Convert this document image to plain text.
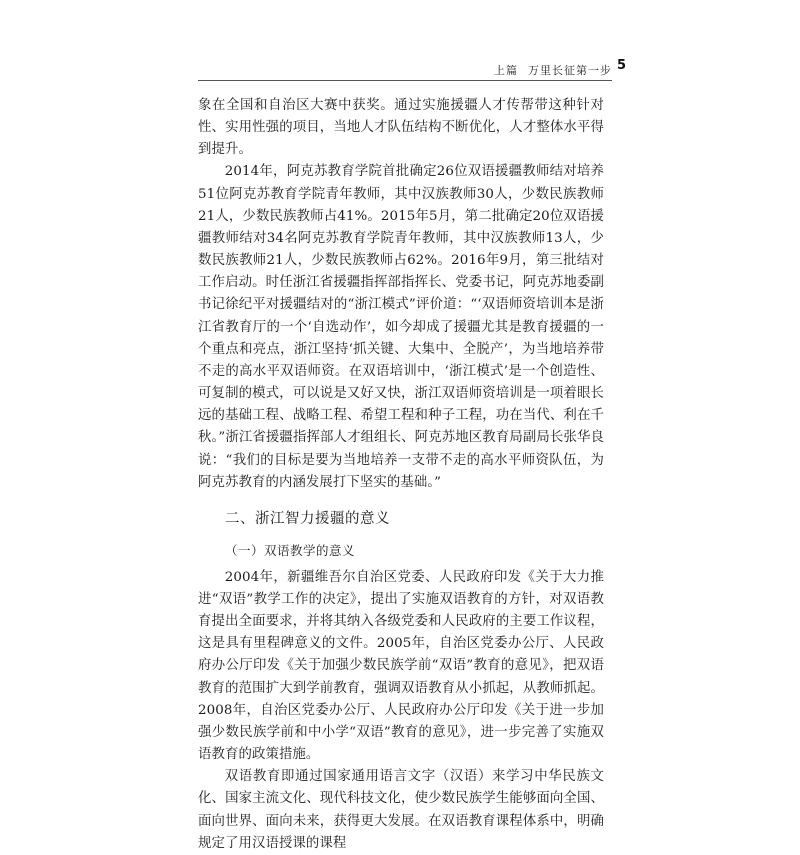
上篇 万里长征第一步 5

象在全国和自治区大赛中获奖。通过实施援疆人才传帮带这种针对性、实用性强的项目，当地人才队伍结构不断优化，人才整体水平得到提升。

2014年，阿克苏教育学院首批确定26位双语援疆教师结对培养51位阿克苏教育学院青年教师，其中汉族教师30人，少数民族教师21人，少数民族教师占41%。2015年5月，第二批确定20位双语援疆教师结对34名阿克苏教育学院青年教师，其中汉族教师13人，少数民族教师21人，少数民族教师占62%。2016年9月，第三批结对工作启动。时任浙江省援疆指挥部指挥长、党委书记，阿克苏地委副书记徐纪平对援疆结对的“浙江模式”评价道：“‘双语师资培训本是浙江省教育厅的一个‘自选动作’，如今却成了援疆尤其是教育援疆的一个重点和亮点，浙江坚持‘抓关键、大集中、全脱产’，为当地培养带不走的高水平双语师资。在双语培训中，‘浙江模式’是一个创造性、可复制的模式，可以说是又好又快，浙江双语师资培训是一项着眼长远的基础工程、战略工程、希望工程和种子工程，功在当代、利在千秋。”浙江省援疆指挥部人才组组长、阿克苏地区教育局副局长张华良说：“我们的目标是要为当地培养一支带不走的高水平师资队伍，为阿克苏教育的内涵发展打下坚实的基础。”

二、浙江智力援疆的意义
（一）双语教学的意义

2004年，新疆维吾尔自治区党委、人民政府印发《关于大力推进“双语”教学工作的决定》，提出了实施双语教育的方针，对双语教育提出全面要求，并将其纳入各级党委和人民政府的主要工作议程，这是具有里程碑意义的文件。2005年，自治区党委办公厅、人民政府办公厅印发《关于加强少数民族学前“双语”教育的意见》，把双语教育的范围扩大到学前教育，强调双语教育从小抓起，从教师抓起。2008年，自治区党委办公厅、人民政府办公厅印发《关于进一步加强少数民族学前和中小学“双语”教育的意见》，进一步完善了实施双语教育的政策措施。

双语教育即通过国家通用语言文字（汉语）来学习中华民族文化、国家主流文化、现代科技文化，使少数民族学生能够面向全国、面向世界、面向未来，获得更大发展。在双语教育课程体系中，明确规定了用汉语授课的课程
